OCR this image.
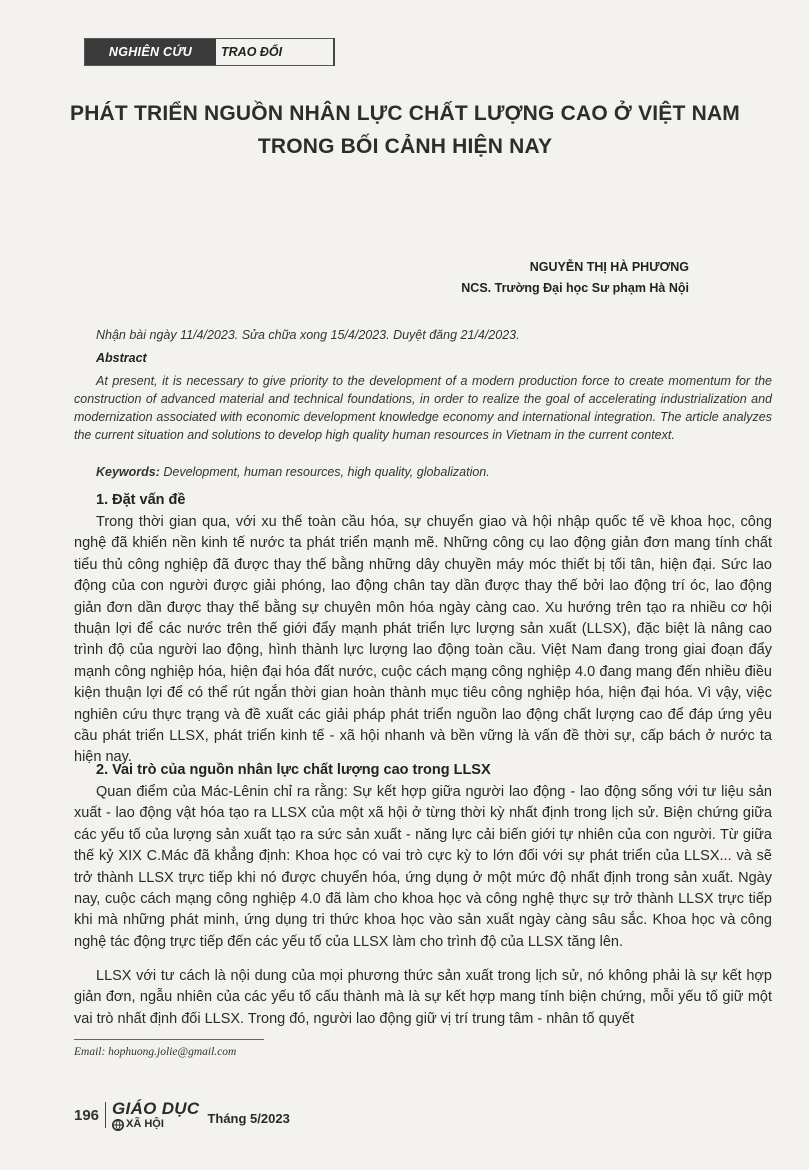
NGHIÊN CỨU	TRAO ĐỔI
PHÁT TRIỂN NGUỒN NHÂN LỰC CHẤT LƯỢNG CAO Ở VIỆT NAM
TRONG BỐI CẢNH HIỆN NAY
NGUYỄN THỊ HÀ PHƯƠNG
NCS. Trường Đại học Sư phạm Hà Nội
Nhận bài ngày 11/4/2023. Sửa chữa xong 15/4/2023. Duyệt đăng 21/4/2023.
Abstract
At present, it is necessary to give priority to the development of a modern production force to create momentum for the construction of advanced material and technical foundations, in order to realize the goal of accelerating industrialization and modernization associated with economic development knowledge economy and international integration. The article analyzes the current situation and solutions to develop high quality human resources in Vietnam in the current context.
Keywords: Development, human resources, high quality, globalization.
1. Đặt vấn đề
Trong thời gian qua, với xu thế toàn cầu hóa, sự chuyển giao và hội nhập quốc tế về khoa học, công nghệ đã khiến nền kinh tế nước ta phát triển mạnh mẽ. Những công cụ lao động giản đơn mang tính chất tiểu thủ công nghiệp đã được thay thế bằng những dây chuyền máy móc thiết bị tối tân, hiện đại. Sức lao động của con người được giải phóng, lao động chân tay dần được thay thế bởi lao động trí óc, lao động giản đơn dần được thay thế bằng sự chuyên môn hóa ngày càng cao. Xu hướng trên tạo ra nhiều cơ hội thuận lợi để các nước trên thế giới đẩy mạnh phát triển lực lượng sản xuất (LLSX), đặc biệt là nâng cao trình độ của người lao động, hình thành lực lượng lao động toàn cầu. Việt Nam đang trong giai đoạn đẩy mạnh công nghiệp hóa, hiện đại hóa đất nước, cuộc cách mạng công nghiệp 4.0 đang mang đến nhiều điều kiện thuận lợi để có thể rút ngắn thời gian hoàn thành mục tiêu công nghiệp hóa, hiện đại hóa. Vì vậy, việc nghiên cứu thực trạng và đề xuất các giải pháp phát triển nguồn lao động chất lượng cao để đáp ứng yêu cầu phát triển LLSX, phát triển kinh tế - xã hội nhanh và bền vững là vấn đề thời sự, cấp bách ở nước ta hiện nay.
2. Vai trò của nguồn nhân lực chất lượng cao trong LLSX
Quan điểm của Mác-Lênin chỉ ra rằng: Sự kết hợp giữa người lao động - lao động sống với tư liệu sản xuất - lao động vật hóa tạo ra LLSX của một xã hội ở từng thời kỳ nhất định trong lịch sử. Biện chứng giữa các yếu tố của lượng sản xuất tạo ra sức sản xuất - năng lực cải biến giới tự nhiên của con người. Từ giữa thế kỷ XIX C.Mác đã khẳng định: Khoa học có vai trò cực kỳ to lớn đối với sự phát triển của LLSX... và sẽ trở thành LLSX trực tiếp khi nó được chuyển hóa, ứng dụng ở một mức độ nhất định trong sản xuất. Ngày nay, cuộc cách mạng công nghiệp 4.0 đã làm cho khoa học và công nghệ thực sự trở thành LLSX trực tiếp khi mà những phát minh, ứng dụng tri thức khoa học vào sản xuất ngày càng sâu sắc. Khoa học và công nghệ tác động trực tiếp đến các yếu tố của LLSX làm cho trình độ của LLSX tăng lên.
LLSX với tư cách là nội dung của mọi phương thức sản xuất trong lịch sử, nó không phải là sự kết hợp giản đơn, ngẫu nhiên của các yếu tố cấu thành mà là sự kết hợp mang tính biện chứng, mỗi yếu tố giữ một vai trò nhất định đối LLSX. Trong đó, người lao động giữ vị trí trung tâm - nhân tố quyết
Email: hophuong.jolie@gmail.com
196 GIÁO DỤC
XÃ HỘI	Tháng 5/2023
